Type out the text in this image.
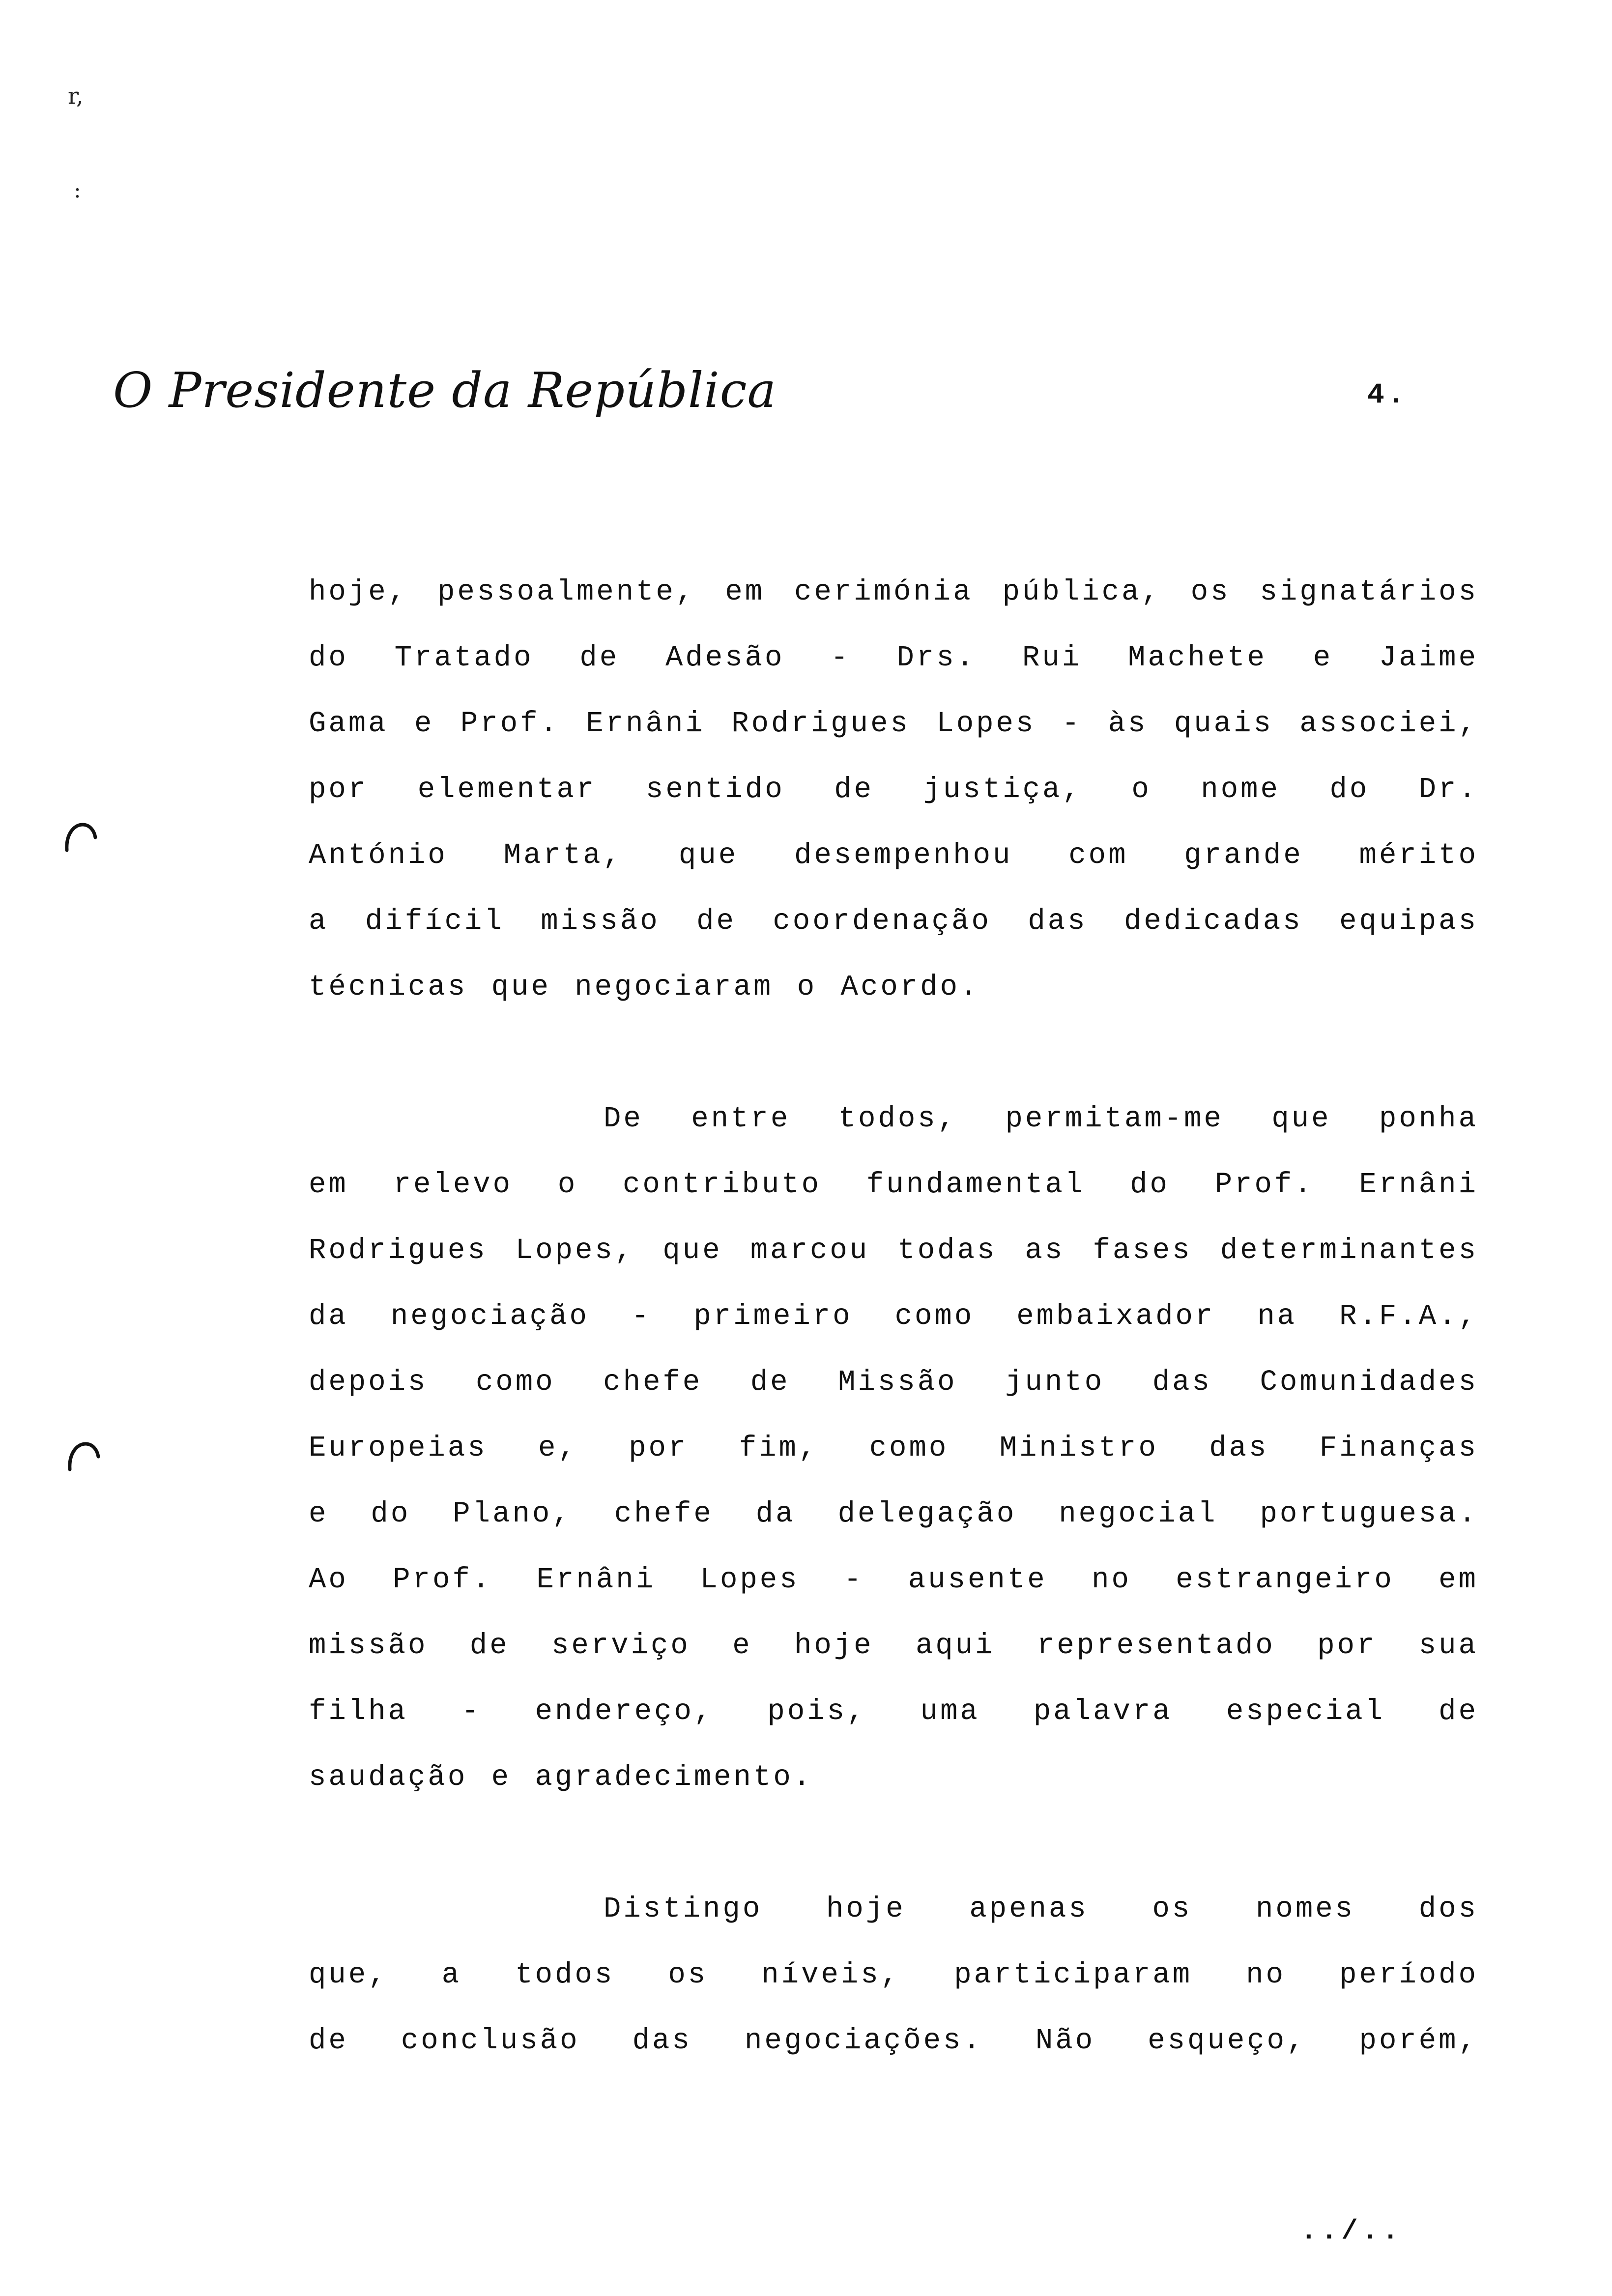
r,
:
O Presidente da República	4.
hoje, pessoalmente, em cerimónia pública, os signatários
do Tratado de Adesão - Drs. Rui Machete e Jaime
Gama e Prof. Ernâni Rodrigues Lopes - às quais associei,
por elementar sentido de justiça, o nome do Dr.
António Marta, que desempenhou com grande mérito
a difícil missão de coordenação das dedicadas equipas
técnicas que negociaram o Acordo.
De entre todos, permitam-me que ponha
em relevo o contributo fundamental do Prof. Ernâni
Rodrigues Lopes, que marcou todas as fases determinantes
da negociação - primeiro como embaixador na R.F.A.,
depois como chefe de Missão junto das Comunidades
Europeias e, por fim, como Ministro das Finanças
e do Plano, chefe da delegação negocial portuguesa.
Ao Prof. Ernâni Lopes - ausente no estrangeiro em
missão de serviço e hoje aqui representado por sua
filha - endereço, pois, uma palavra especial de
saudação e agradecimento.
Distingo hoje apenas os nomes dos
que, a todos os níveis, participaram no período
de conclusão das negociações. Não esqueço, porém,
../..
